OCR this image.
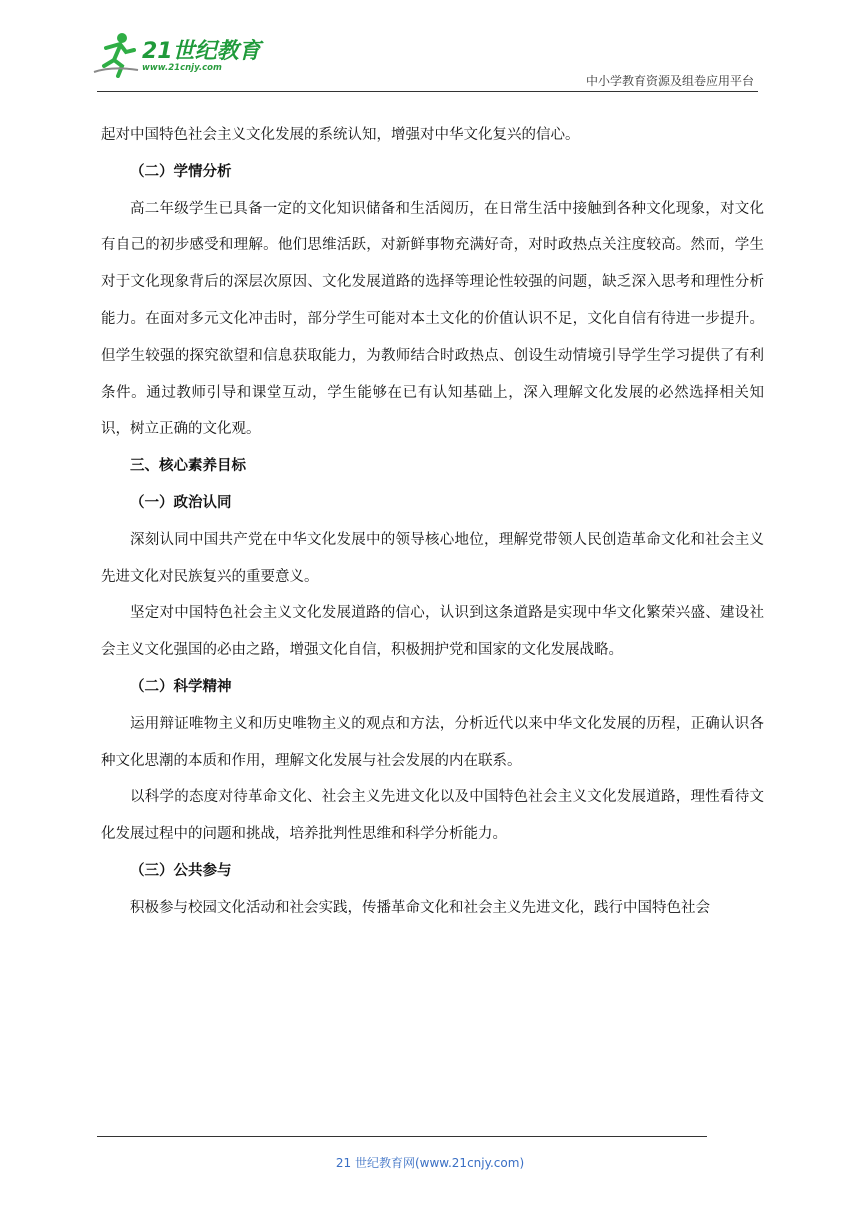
21世纪教育
www.21cnjy.com
中小学教育资源及组卷应用平台

起对中国特色社会主义文化发展的系统认知，增强对中华文化复兴的信心。

（二）学情分析

高二年级学生已具备一定的文化知识储备和生活阅历，在日常生活中接触到各种文化现象，对文化有自己的初步感受和理解。他们思维活跃，对新鲜事物充满好奇，对时政热点关注度较高。然而，学生对于文化现象背后的深层次原因、文化发展道路的选择等理论性较强的问题，缺乏深入思考和理性分析能力。在面对多元文化冲击时，部分学生可能对本土文化的价值认识不足，文化自信有待进一步提升。但学生较强的探究欲望和信息获取能力，为教师结合时政热点、创设生动情境引导学生学习提供了有利条件。通过教师引导和课堂互动，学生能够在已有认知基础上，深入理解文化发展的必然选择相关知识，树立正确的文化观。

三、核心素养目标

（一）政治认同

深刻认同中国共产党在中华文化发展中的领导核心地位，理解党带领人民创造革命文化和社会主义先进文化对民族复兴的重要意义。

坚定对中国特色社会主义文化发展道路的信心，认识到这条道路是实现中华文化繁荣兴盛、建设社会主义文化强国的必由之路，增强文化自信，积极拥护党和国家的文化发展战略。

（二）科学精神

运用辩证唯物主义和历史唯物主义的观点和方法，分析近代以来中华文化发展的历程，正确认识各种文化思潮的本质和作用，理解文化发展与社会发展的内在联系。

以科学的态度对待革命文化、社会主义先进文化以及中国特色社会主义文化发展道路，理性看待文化发展过程中的问题和挑战，培养批判性思维和科学分析能力。

（三）公共参与

积极参与校园文化活动和社会实践，传播革命文化和社会主义先进文化，践行中国特色社会

21 世纪教育网(www.21cnjy.com)
